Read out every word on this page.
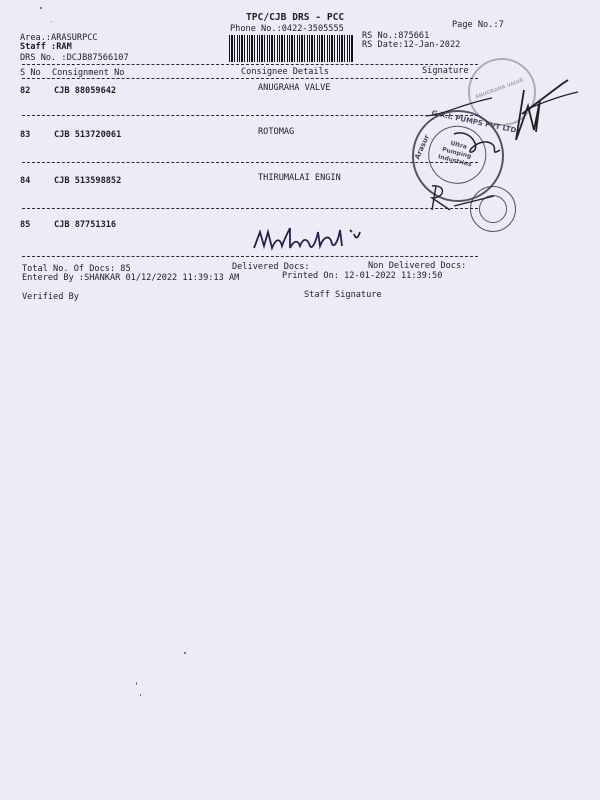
TPC/CJB DRS - PCC
Phone No.:0422-3505555	Page No.:7
Area.:ARASURPCC
Staff :RAM
DRS No. :DCJB87566107
RS No.:875661
RS Date:12-Jan-2022
S No Consignment No	Consignee Details	Signature
82	CJB 88059642	ANUGRAHA VALVE
83	CJB 513720061	ROTOMAG
84	CJB 513598852	THIRUMALAI ENGIN
85	CJB 87751316
Total No. Of Docs: 85	Delivered Docs:	Non Delivered Docs:
Entered By :SHANKAR 01/12/2022 11:39:13 AM	Printed On: 12-01-2022 11:39:50
Verified By	Staff Signature
ANUGRAHA VALVE
G.R.I. PUMPS PVT LTD
Arasur	Ultra Pumping Industries
Mahe
